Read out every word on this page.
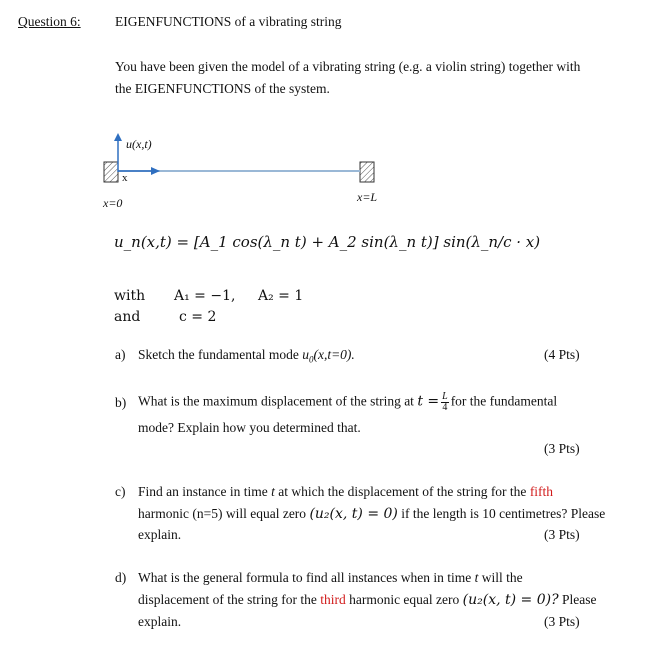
Question 6:	EIGENFUNCTIONS of a vibrating string
You have been given the model of a vibrating string (e.g. a violin string) together with
the EIGENFUNCTIONS of the system.
u(x,t)
x
x=0	x=L
u_n(x,t) = [A_1 cos(λ_n t) + A_2 sin(λ_n t)] sin(λ_n/c · x)
with A₁ = −1, A₂ = 1
and	c = 2
a) Sketch the fundamental mode $u_0(x,t=0)$.	(4 Pts)
b) What is the maximum displacement of the string at $t = \frac{L}{4}$ for the fundamental
mode? Explain how you determined that.
(3 Pts)
c) Find an instance in time t at which the displacement of the string for the fifth
harmonic (n=5) will equal zero (u₂(x, t) = 0) if the length is 10 centimetres? Please
explain.	(3 Pts)
d) What is the general formula to find all instances when in time t will the
displacement of the string for the third harmonic equal zero (u₂(x, t) = 0)? Please
explain.	(3 Pts)
